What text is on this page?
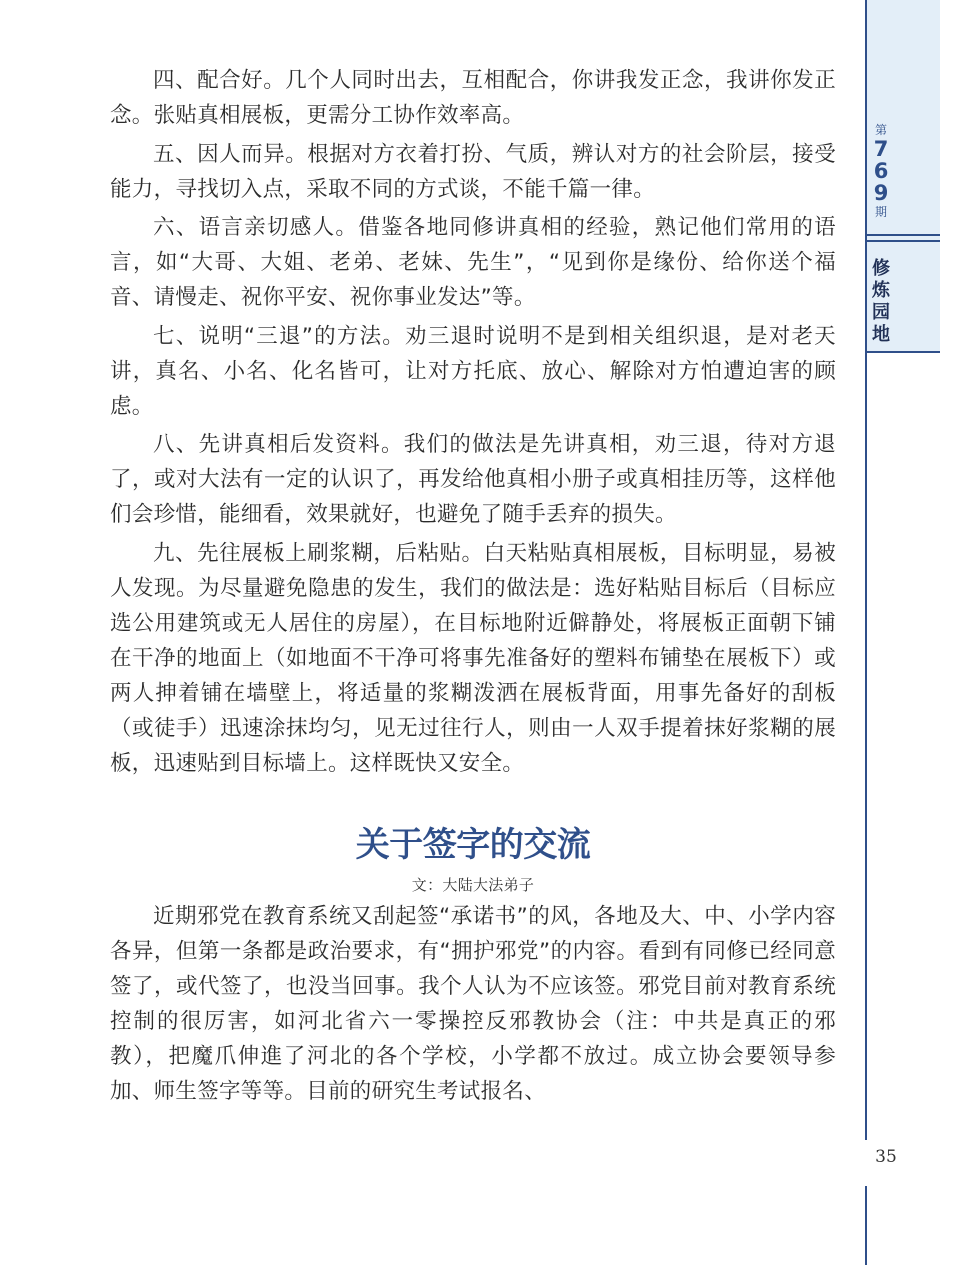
第
7
6
9
期
修
炼
园
地
35

四、配合好。几个人同时出去，互相配合，你讲我发正念，我讲你发正念。张贴真相展板，更需分工协作效率高。

五、因人而异。根据对方衣着打扮、气质，辨认对方的社会阶层，接受能力，寻找切入点，采取不同的方式谈，不能千篇一律。

六、语言亲切感人。借鉴各地同修讲真相的经验，熟记他们常用的语言，如“大哥、大姐、老弟、老妹、先生”，“见到你是缘份、给你送个福音、请慢走、祝你平安、祝你事业发达”等。

七、说明“三退”的方法。劝三退时说明不是到相关组织退，是对老天讲，真名、小名、化名皆可，让对方托底、放心、解除对方怕遭迫害的顾虑。

八、先讲真相后发资料。我们的做法是先讲真相，劝三退，待对方退了，或对大法有一定的认识了，再发给他真相小册子或真相挂历等，这样他们会珍惜，能细看，效果就好，也避免了随手丢弃的损失。

九、先往展板上刷浆糊，后粘贴。白天粘贴真相展板，目标明显，易被人发现。为尽量避免隐患的发生，我们的做法是：选好粘贴目标后（目标应选公用建筑或无人居住的房屋），在目标地附近僻静处，将展板正面朝下铺在干净的地面上（如地面不干净可将事先准备好的塑料布铺垫在展板下）或两人抻着铺在墙壁上，将适量的浆糊泼洒在展板背面，用事先备好的刮板（或徒手）迅速涂抹均匀，见无过往行人，则由一人双手提着抹好浆糊的展板，迅速贴到目标墙上。这样既快又安全。

关于签字的交流
文：大陆大法弟子

近期邪党在教育系统又刮起签“承诺书”的风，各地及大、中、小学内容各异，但第一条都是政治要求，有“拥护邪党”的内容。看到有同修已经同意签了，或代签了，也没当回事。我个人认为不应该签。邪党目前对教育系统控制的很厉害，如河北省六一零操控反邪教协会（注：中共是真正的邪教），把魔爪伸進了河北的各个学校，小学都不放过。成立协会要领导参加、师生签字等等。目前的研究生考试报名、
